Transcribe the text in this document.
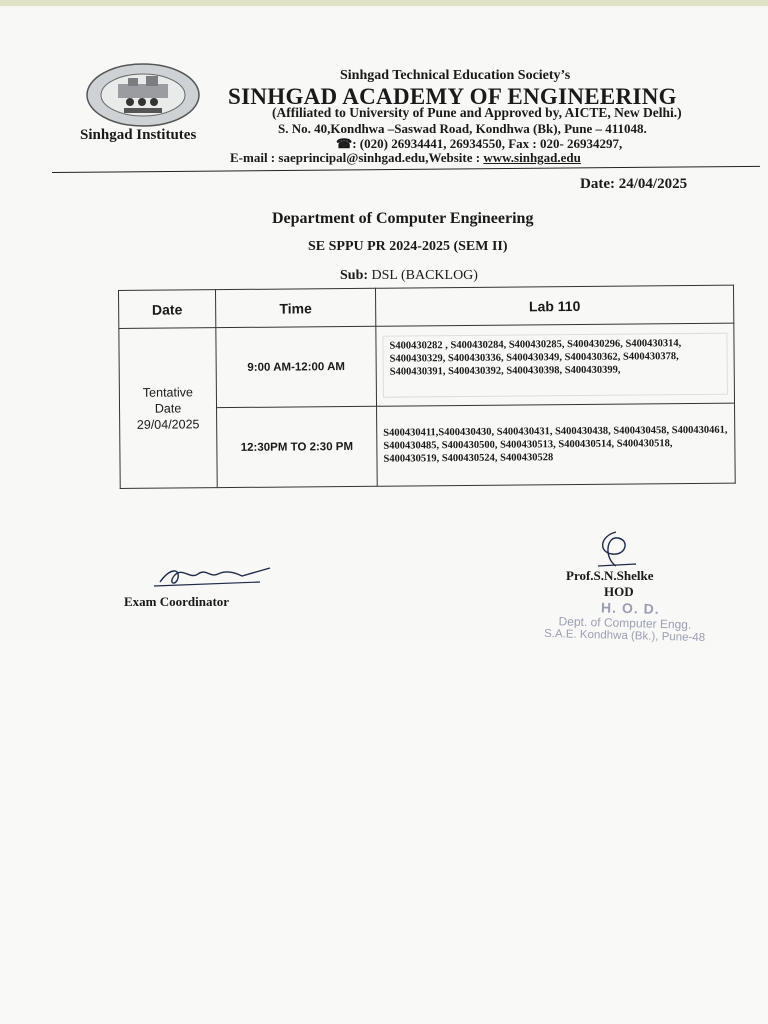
Sinhgad Institutes
Sinhgad Technical Education Society’s
SINHGAD ACADEMY OF ENGINEERING
(Affiliated to University of Pune and Approved by, AICTE, New Delhi.)
S. No. 40,Kondhwa –Saswad Road, Kondhwa (Bk), Pune – 411048.
☎: (020) 26934441, 26934550, Fax : 020- 26934297,
E-mail : saeprincipal@sinhgad.edu,Website : www.sinhgad.edu
Date: 24/04/2025
Department of Computer Engineering
SE SPPU PR 2024-2025 (SEM II)
Sub: DSL (BACKLOG)
Date	Time	Lab 110

Tentative
Date
29/04/2025	9:00 AM-12:00 AM	S400430282 , S400430284, S400430285, S400430296, S400430314, S400430329, S400430336, S400430349, S400430362, S400430378, S400430391, S400430392, S400430398, S400430399,

	12:30PM TO 2:30 PM	S400430411,S400430430, S400430431, S400430438, S400430458, S400430461, S400430485, S400430500, S400430513, S400430514, S400430518, S400430519, S400430524, S400430528
Exam Coordinator
Prof.S.N.Shelke
HOD
H. O. D.
Dept. of Computer Engg.
S.A.E. Kondhwa (Bk.), Pune-48
